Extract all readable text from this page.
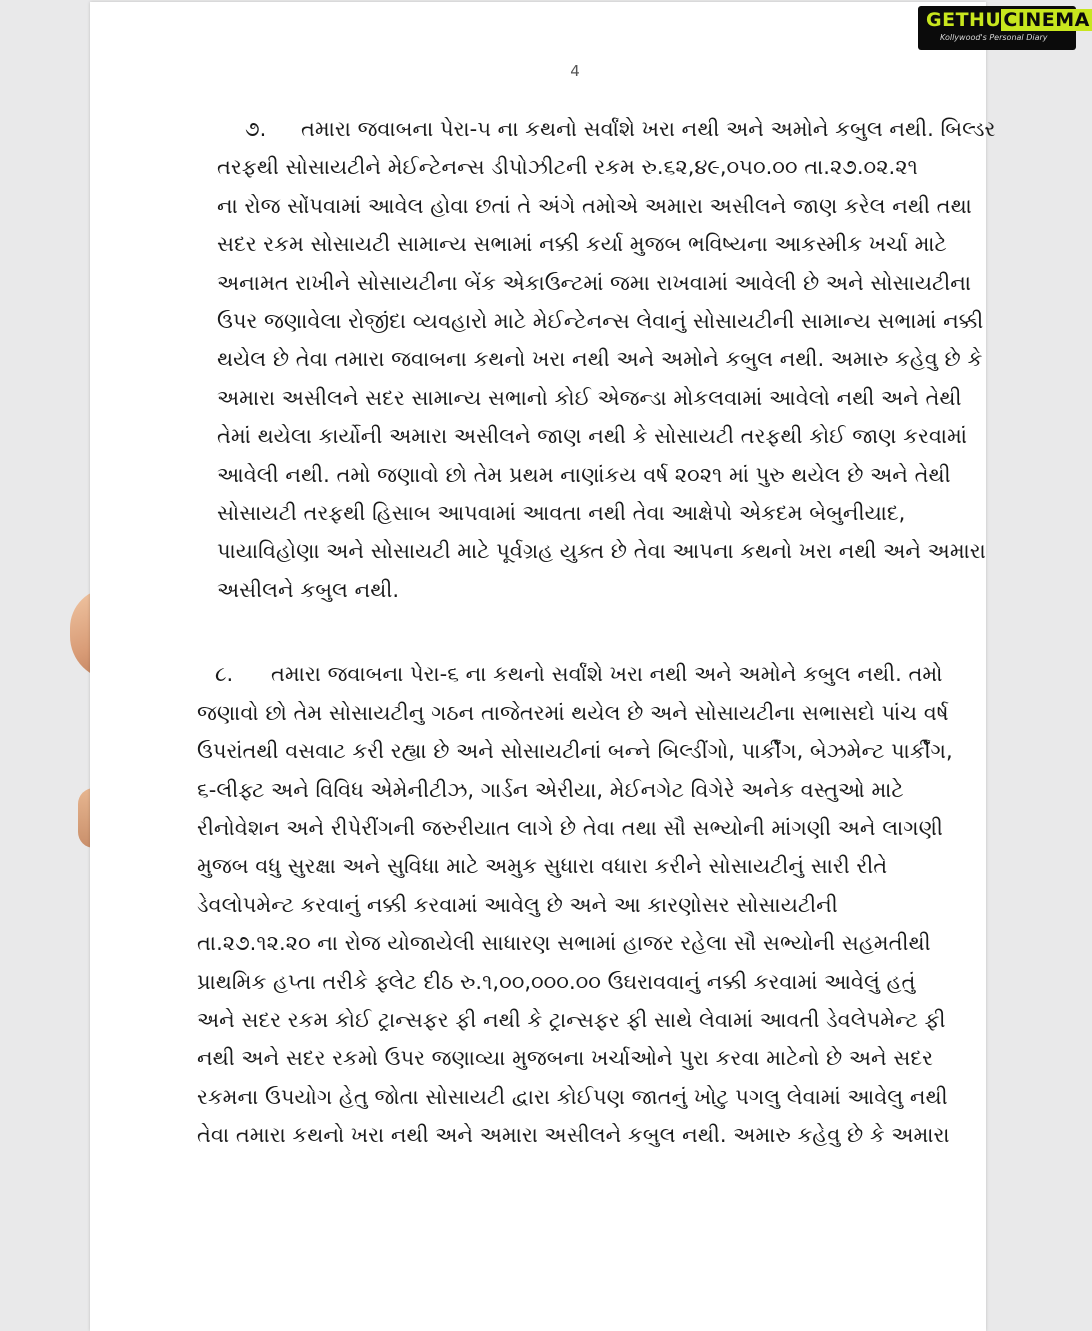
4
૭. તમારા જવાબના પેરા-૫ ના કથનો સર્વાંશે ખરા નથી અને અમોને કબુલ નથી. બિલ્ડર
તરફથી સોસાયટીને મેઈન્ટેનન્સ ડીપોઝીટની રકમ રુ.૬૨,૪૯,૦૫૦.૦૦ તા.૨૭.૦૨.૨૧
ના રોજ સોંપવામાં આવેલ હોવા છતાં તે અંગે તમોએ અમારા અસીલને જાણ કરેલ નથી તથા
સદર રકમ સોસાયટી સામાન્ય સભામાં નક્કી કર્યા મુજબ ભવિષ્યના આકસ્મીક ખર્ચા માટે
અનામત રાખીને સોસાયટીના બેંક એકાઉન્ટમાં જમા રાખવામાં આવેલી છે અને સોસાયટીના
ઉપર જણાવેલા રોજીંદા વ્યવહારો માટે મેઈન્ટેનન્સ લેવાનું સોસાયટીની સામાન્ય સભામાં નક્કી
થયેલ છે તેવા તમારા જવાબના કથનો ખરા નથી અને અમોને કબુલ નથી. અમારુ કહેવુ છે કે
અમારા અસીલને સદર સામાન્ય સભાનો કોઈ એજન્ડા મોકલવામાં આવેલો નથી અને તેથી
તેમાં થયેલા કાર્યોની અમારા અસીલને જાણ નથી કે સોસાયટી તરફથી કોઈ જાણ કરવામાં
આવેલી નથી. તમો જણાવો છો તેમ પ્રથમ નાણાંકય વર્ષ ૨૦૨૧ માં પુરુ થયેલ છે અને તેથી
સોસાયટી તરફથી હિસાબ આપવામાં આવતા નથી તેવા આક્ષેપો એકદમ બેબુનીયાદ,
પાયાવિહોણા અને સોસાયટી માટે પૂર્વગ્રહ યુક્ત છે તેવા આપના કથનો ખરા નથી અને અમારા
અસીલને કબુલ નથી.
૮. તમારા જવાબના પેરા-૬ ના કથનો સર્વાંશે ખરા નથી અને અમોને કબુલ નથી. તમો
જણાવો છો તેમ સોસાયટીનુ ગઠન તાજેતરમાં થયેલ છે અને સોસાયટીના સભાસદો પાંચ વર્ષ
ઉપરાંતથી વસવાટ કરી રહ્યા છે અને સોસાયટીનાં બન્ને બિલ્ડીંગો, પાર્કીંગ, બેઝમેન્ટ પાર્કીંગ,
૬-લીફ્ટ અને વિવિધ એમેનીટીઝ, ગાર્ડન એરીયા, મેઈનગેટ વિગેરે અનેક વસ્તુઓ માટે
રીનોવેશન અને રીપેરીંગની જરુરીયાત લાગે છે તેવા તથા સૌ સભ્યોની માંગણી અને લાગણી
મુજબ વધુ સુરક્ષા અને સુવિધા માટે અમુક સુધારા વધારા કરીને સોસાયટીનું સારી રીતે
ડેવલોપમેન્ટ કરવાનું નક્કી કરવામાં આવેલુ છે અને આ કારણોસર સોસાયટીની
તા.૨૭.૧૨.૨૦ ના રોજ યોજાયેલી સાધારણ સભામાં હાજર રહેલા સૌ સભ્યોની સહમતીથી
પ્રાથમિક હપ્તા તરીકે ફ્લેટ દીઠ રુ.૧,૦૦,૦૦૦.૦૦ ઉઘરાવવાનું નક્કી કરવામાં આવેલું હતું
અને સદર રકમ કોઈ ટ્રાન્સફર ફી નથી કે ટ્રાન્સફર ફી સાથે લેવામાં આવતી ડેવલેપમેન્ટ ફી
નથી અને સદર રકમો ઉપર જણાવ્યા મુજબના ખર્ચાઓને પુરા કરવા માટેનો છે અને સદર
રકમના ઉપયોગ હેતુ જોતા સોસાયટી દ્વારા કોઈપણ જાતનું ખોટુ પગલુ લેવામાં આવેલુ નથી
તેવા તમારા કથનો ખરા નથી અને અમારા અસીલને કબુલ નથી. અમારુ કહેવુ છે કે અમારા
GETHU CINEMA
Kollywood's Personal Diary
